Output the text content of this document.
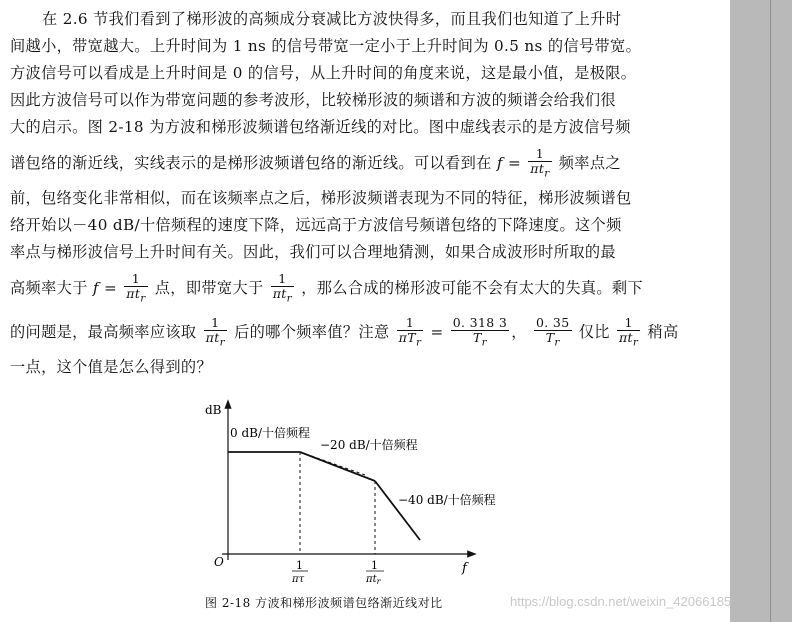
在 2.6 节我们看到了梯形波的高频成分衰减比方波快得多，而且我们也知道了上升时
间越小，带宽越大。上升时间为 1 ns 的信号带宽一定小于上升时间为 0.5 ns 的信号带宽。
方波信号可以看成是上升时间是 0 的信号，从上升时间的角度来说，这是最小值，是极限。
因此方波信号可以作为带宽问题的参考波形，比较梯形波的频谱和方波的频谱会给我们很
大的启示。图 2-18 为方波和梯形波频谱包络渐近线的对比。图中虚线表示的是方波信号频
谱包络的渐近线，实线表示的是梯形波频谱包络的渐近线。可以看到在 $f = \frac{1}{\pi t_r}$ 频率点之
前，包络变化非常相似，而在该频率点之后，梯形波频谱表现为不同的特征，梯形波频谱包
络开始以－40 dB/十倍频程的速度下降，远远高于方波信号频谱包络的下降速度。这个频
率点与梯形波信号上升时间有关。因此，我们可以合理地猜测，如果合成波形时所取的最
高频率大于 $f = \frac{1}{\pi t_r}$ 点，即带宽大于 $\frac{1}{\pi t_r}$ ，那么合成的梯形波可能不会有太大的失真。剩下
的问题是，最高频率应该取 $\frac{1}{\pi t_r}$ 后的哪个频率值？注意 $\frac{1}{\pi T_r} = \frac{0. 318 3}{T_r}$ ， $\frac{0. 35}{T_r}$ 仅比 $\frac{1}{\pi t_r}$ 稍高
一点，这个值是怎么得到的？
dB
f
O
0 dB/十倍频程
−20 dB/十倍频程
−40 dB/十倍频程
1
πτ
1
$\pi t_r$
图 2-18 方波和梯形波频谱包络渐近线对比	https://blog.csdn.net/weixin_42066185
